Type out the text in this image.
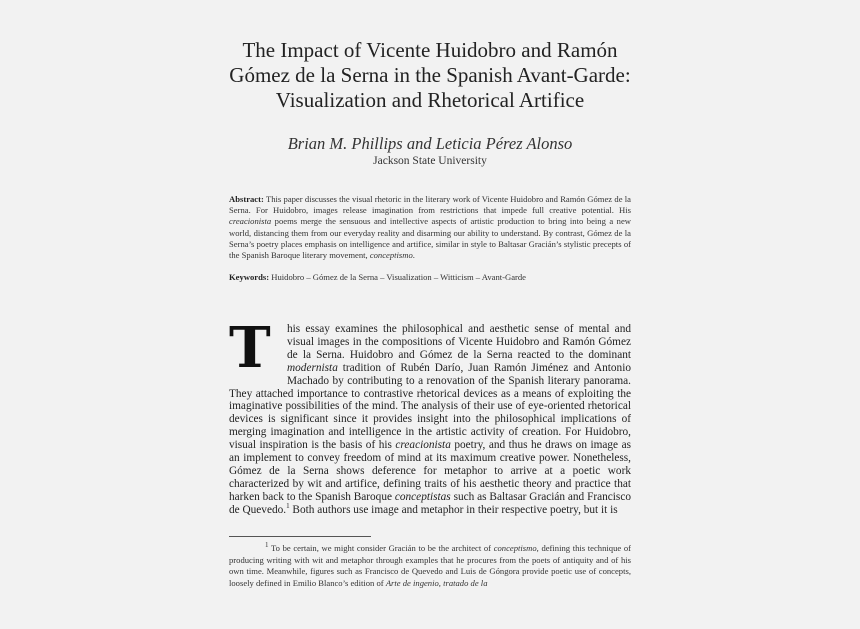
The Impact of Vicente Huidobro and Ramón
Gómez de la Serna in the Spanish Avant-Garde:
Visualization and Rhetorical Artifice
Brian M. Phillips and Leticia Pérez Alonso
Jackson State University
Abstract: This paper discusses the visual rhetoric in the literary work of Vicente Huidobro and Ramón Gómez de la Serna. For Huidobro, images release imagination from restrictions that impede full creative potential. His creacionista poems merge the sensuous and intellective aspects of artistic production to bring into being a new world, distancing them from our everyday reality and disarming our ability to understand. By contrast, Gómez de la Serna’s poetry places emphasis on intelligence and artifice, similar in style to Baltasar Gracián’s stylistic precepts of the Spanish Baroque literary movement, conceptismo.
Keywords: Huidobro – Gómez de la Serna – Visualization – Witticism – Avant-Garde
T	his essay examines the philosophical and aesthetic sense of mental and visual images in the compositions of Vicente Huidobro and Ramón Gómez de la Serna. Huidobro and Gómez de la Serna reacted to the dominant modernista tradition of Rubén Darío, Juan Ramón Jiménez and Antonio Machado by contributing to a renovation of the Spanish literary panorama. They attached importance to contrastive rhetorical devices as a means of exploiting the imaginative possibilities of the mind. The analysis of their use of eye-oriented rhetorical devices is significant since it provides insight into the philosophical implications of merging imagination and intelligence in the artistic activity of creation. For Huidobro, visual inspiration is the basis of his creacionista poetry, and thus he draws on image as an implement to convey freedom of mind at its maximum creative power. Nonetheless, Gómez de la Serna shows deference for metaphor to arrive at a poetic work characterized by wit and artifice, defining traits of his aesthetic theory and practice that harken back to the Spanish Baroque conceptistas such as Baltasar Gracián and Francisco de Quevedo.$^1$ Both authors use image and metaphor in their respective poetry, but it is

$^1$ To be certain, we might consider Gracián to be the architect of conceptismo, defining this technique of producing writing with wit and metaphor through examples that he procures from the poets of antiquity and of his own time. Meanwhile, figures such as Francisco de Quevedo and Luis de Góngora provide poetic use of concepts, loosely defined in Emilio Blanco’s edition of Arte de ingenio, tratado de la
